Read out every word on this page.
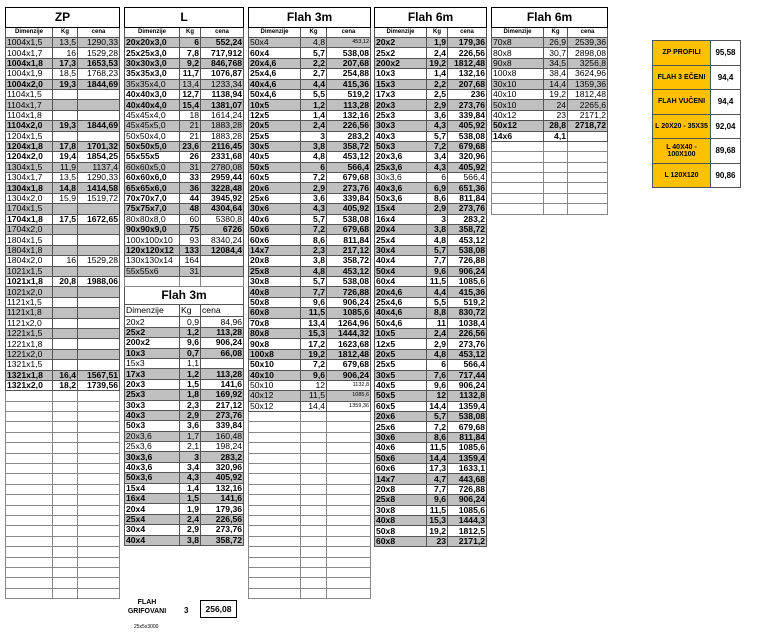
ZP		
Dimenzije	Kg	cena
1004x1,5	13,5	1290,33
1004x1,7	16	1529,28
1004x1,8	17,3	1653,53
1004x1,9	18,5	1768,23
1004x2,0	19,3	1844,69
1104x1,5		
1104x1,7		
1104x1,8		
1104x2,0	19,3	1844,69
1204x1,5		
1204x1,8	17,8	1701,32
1204x2,0	19,4	1854,25
1304x1,5	11,9	1137,4
1304x1,7	13,5	1290,33
1304x1,8	14,8	1414,58
1304x2,0	15,9	1519,72
1704x1,5		
1704x1,8	17,5	1672,65
1704x2,0		
1804x1,5		
1804x1,8		
1804x2,0	16	1529,28
1021x1,5		
1021x1,8	20,8	1988,06
1021x2,0		
1121x1,5		
1121x1,8		
1121x2,0		
1221x1,5		
1221x1,8		
1221x2,0		
1321x1,5		
1321x1,8	16,4	1567,51
1321x2,0	18,2	1739,56

L		
Dimenzije	Kg	cena
20x20x3,0	6	552,24
25x25x3,0	7,8	717,912
30x30x3,0	9,2	846,768
35x35x3,0	11,7	1076,87
35x35x4,0	13,4	1233,34
40x40x3,0	12,7	1138,94
40x40x4,0	15,4	1381,07
45x45x4,0	18	1614,24
45x45x5,0	21	1883,28
50x50x4,0	21	1883,28
50x50x5,0	23,6	2116,45
55x55x5	26	2331,68
60x60x5,0	31	2780,08
60x60x6,0	33	2959,44
65x65x6,0	36	3228,48
70x70x7,0	44	3945,92
75x75x7,0	48	4304,64
80x80x8,0	60	5380,8
90x90x9,0	75	6726
100x100x10	93	8340,24
120x120x12	133	12084,4
130x130x14	164	
55x55x6	31	

Flah 3m		
Dimenzije	Kg	cena
20x2	0,9	84,96
25x2	1,2	113,28
200x2	9,6	906,24
10x3	0,7	66,08
15x3	1,1	
17x3	1,2	113,28
20x3	1,5	141,6
25x3	1,8	169,92
30x3	2,3	217,12
40x3	2,9	273,76
50x3	3,6	339,84
20x3,6	1,7	160,48
25x3,6	2,1	198,24
30x3,6	3	283,2
40x3,6	3,4	320,96
50x3,6	4,3	405,92
15x4	1,4	132,16
16x4	1,5	141,6
20x4	1,9	179,36
25x4	2,4	226,56
30x4	2,9	273,76
40x4	3,8	358,72
Flah 3m		
Dimenzije	Kg	cena
50x4	4,8	453,12
60x4	5,7	538,08
20x4,6	2,2	207,68
25x4,6	2,7	254,88
40x4,6	4,4	415,36
50x4,6	5,5	519,2
10x5	1,2	113,28
12x5	1,4	132,16
20x5	2,4	226,56
25x5	3	283,2
30x5	3,8	358,72
40x5	4,8	453,12
50x5	6	566,4
60x5	7,2	679,68
20x6	2,9	273,76
25x6	3,6	339,84
30x6	4,3	405,92
40x6	5,7	538,08
50x6	7,2	679,68
60x6	8,6	811,84
14x7	2,3	217,12
20x8	3,8	358,72
25x8	4,8	453,12
30x8	5,7	538,08
40x8	7,7	726,88
50x8	9,6	906,24
60x8	11,5	1085,6
70x8	13,4	1264,96
80x8	15,3	1444,32
90x8	17,2	1623,68
100x8	19,2	1812,48
50x10	7,2	679,68
40x10	9,6	906,24
50x10	12	1132,8
40x12	11,5	1085,6
50x12	14,4	1359,36

Flah 6m		
Dimenzije	Kg	cena
20x2	1,9	179,36
25x2	2,4	226,56
200x2	19,2	1812,48
10x3	1,4	132,16
15x3	2,2	207,68
17x3	2,5	236
20x3	2,9	273,76
25x3	3,6	339,84
30x3	4,3	405,92
40x3	5,7	538,08
50x3	7,2	679,68
20x3,6	3,4	320,96
25x3,6	4,3	405,92
30x3,6	6	566,4
40x3,6	6,9	651,36
50x3,6	8,6	811,84
15x4	2,9	273,76
16x4	3	283,2
20x4	3,8	358,72
25x4	4,8	453,12
30x4	5,7	538,08
40x4	7,7	726,88
50x4	9,6	906,24
60x4	11,5	1085,6
20x4,6	4,4	415,36
25x4,6	5,5	519,2
40x4,6	8,8	830,72
50x4,6	11	1038,4
10x5	2,4	226,56
12x5	2,9	273,76
20x5	4,8	453,12
25x5	6	566,4
30x5	7,6	717,44
40x5	9,6	906,24
50x5	12	1132,8
60x5	14,4	1359,4
20x6	5,7	538,08
25x6	7,2	679,68
30x6	8,6	811,84
40x6	11,5	1085,6
50x6	14,4	1359,4
60x6	17,3	1633,1
14x7	4,7	443,68
20x8	7,7	726,88
25x8	9,6	906,24
30x8	11,5	1085,6
40x8	15,3	1444,3
50x8	19,2	1812,5
60x8	23	2171,2
Flah 6m		
Dimenzije	Kg	cena
70x8	26,9	2539,36
80x8	30,7	2898,08
90x8	34,5	3256,8
100x8	38,4	3624,96
30x10	14,4	1359,36
40x10	19,2	1812,48
50x10	24	2265,6
40x12	23	2171,2
50x12	28,8	2718,72
14x6	4,1	

ZP PROFILI	95,58
FLAH 3 EČENI	94,4
FLAH VUČENI	94,4
L 20X20 - 35X35	92,04
L 40X40 - 100X100	89,68
L 120X120	90,86
FLAH GRIFOVANI	3	256,08
25x5x3000
